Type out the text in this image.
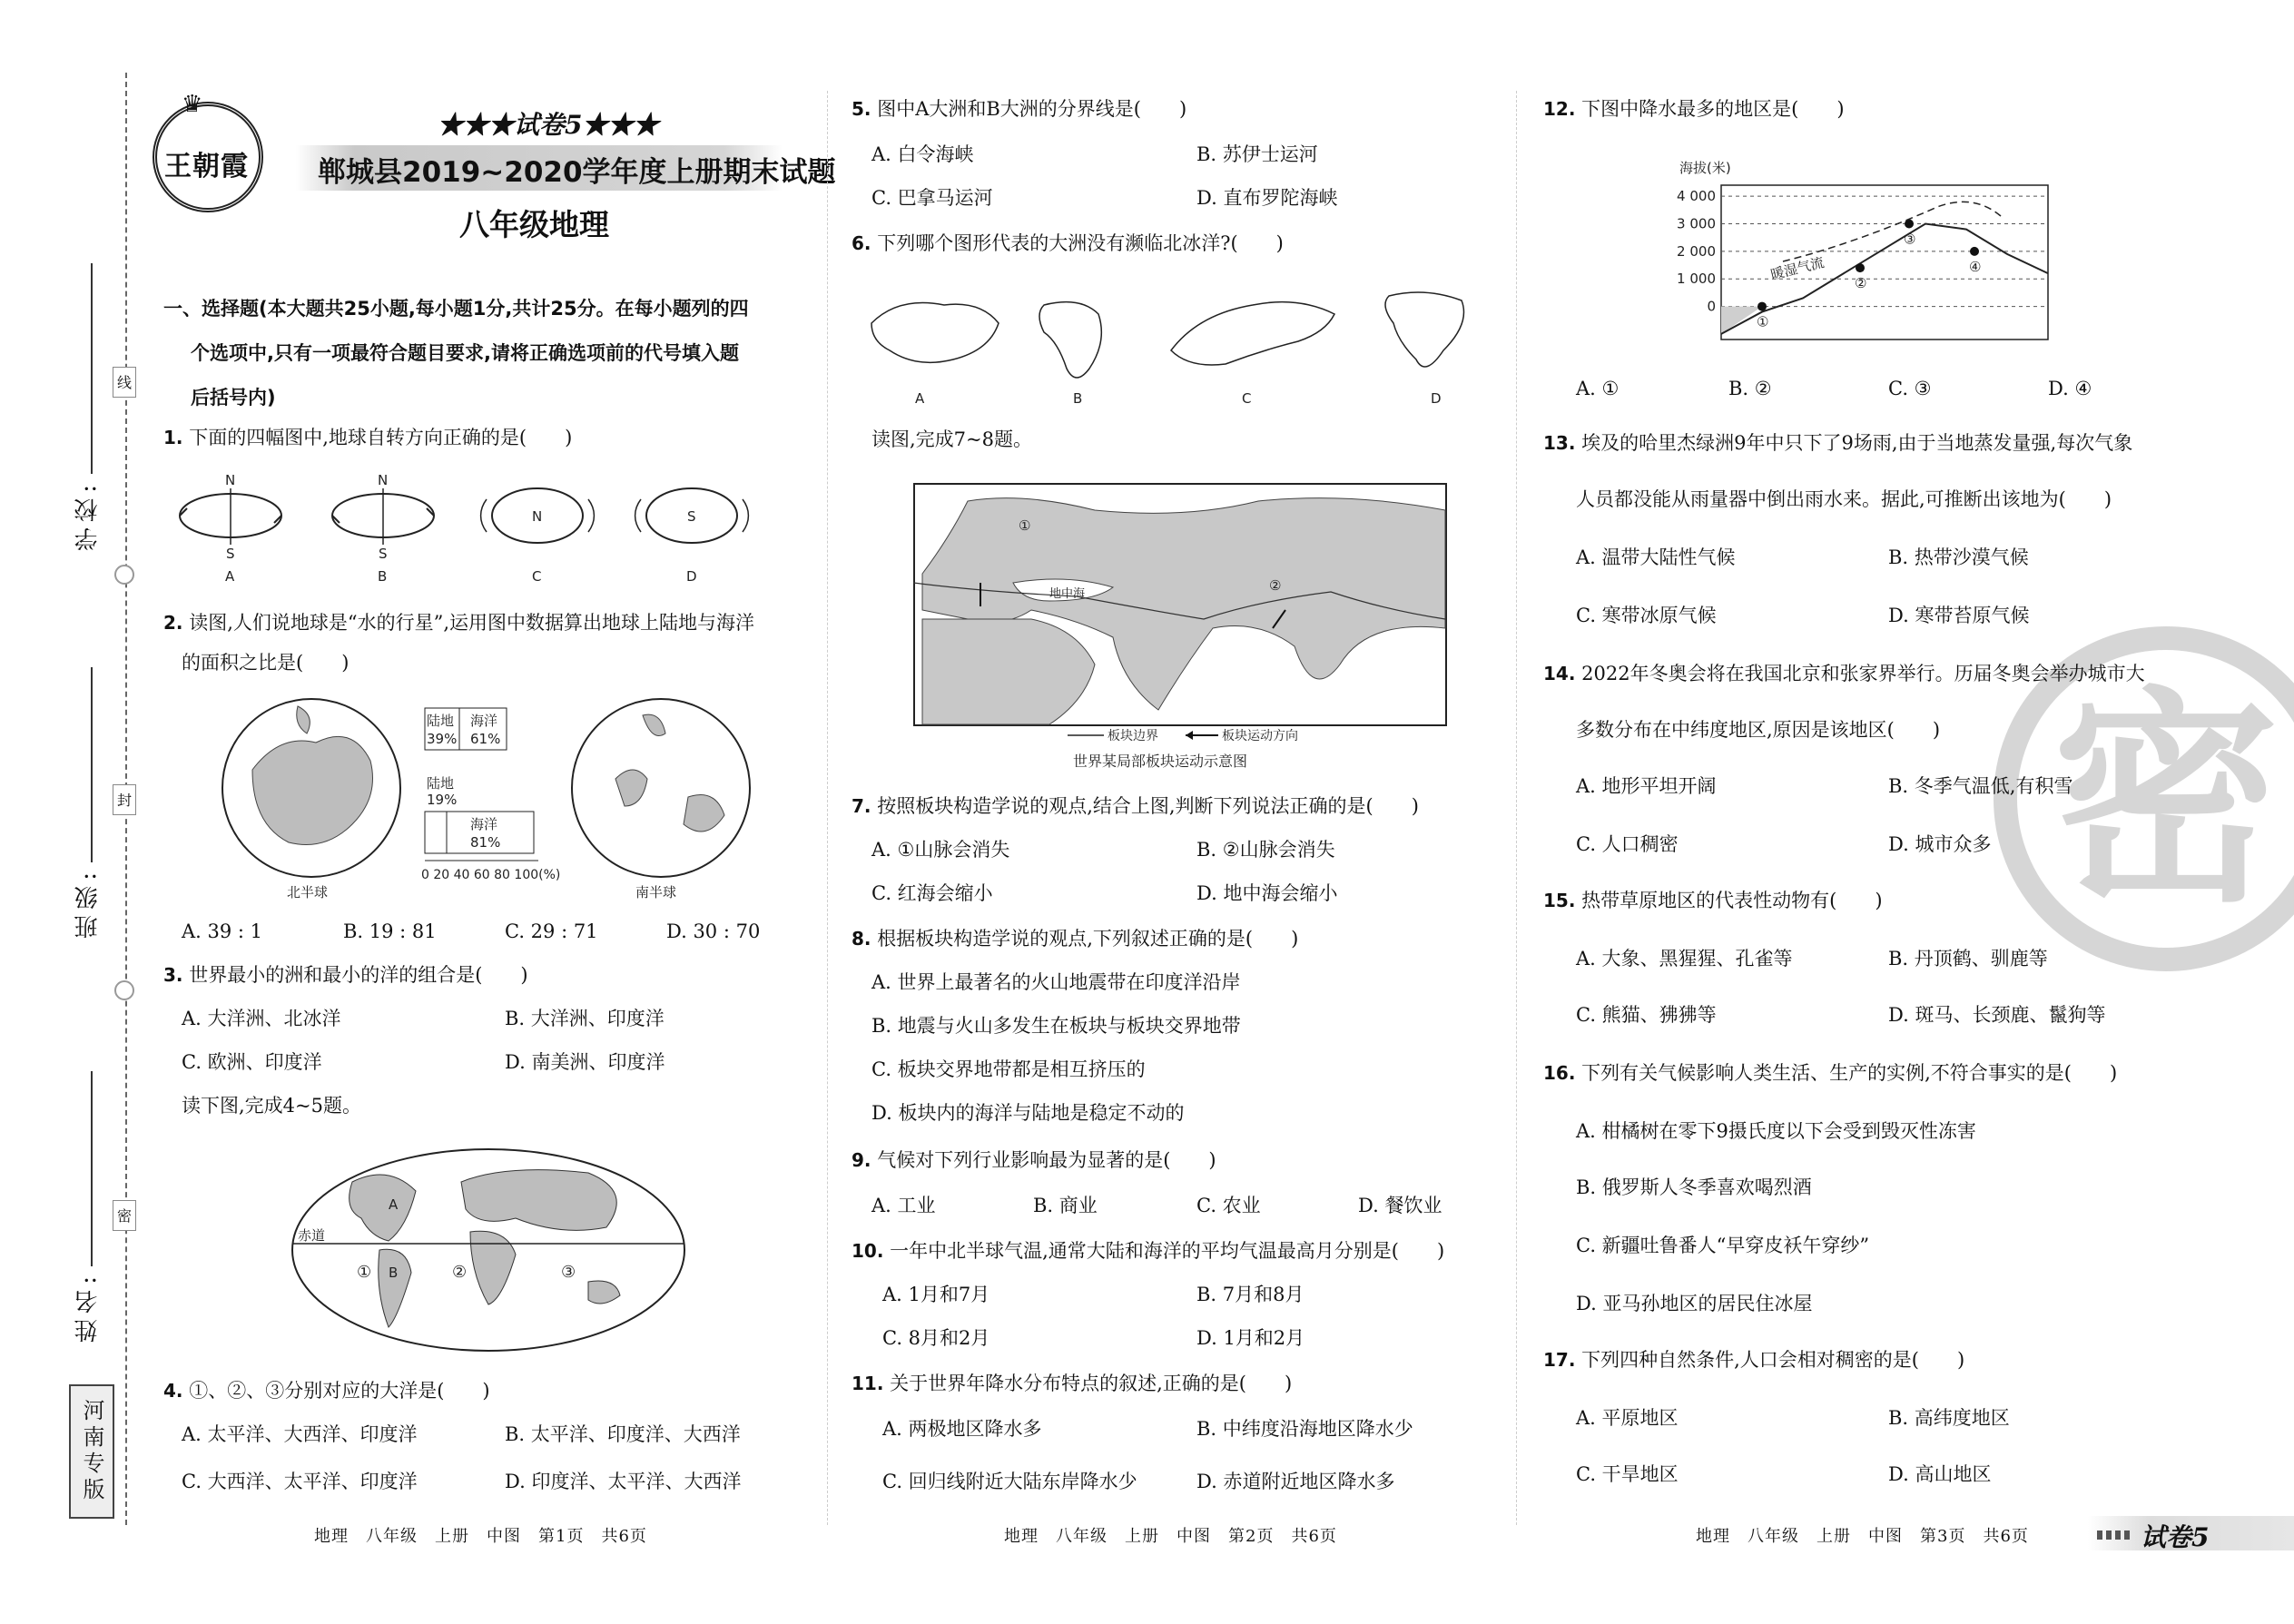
线
封
密
学校:
班级:
姓名:
河南专版
♛
王朝霞
★★★试卷5★★★
郸城县2019~2020学年度上册期末试题
八年级地理
一、选择题(本大题共25小题,每小题1分,共计25分。在每小题列的四
个选项中,只有一项最符合题目要求,请将正确选项前的代号填入题
后括号内)
1. 下面的四幅图中,地球自转方向正确的是(　　)
N
S
A
N
S
B
N
C
S
D
2. 读图,人们说地球是“水的行星”,运用图中数据算出地球上陆地与海洋
的面积之比是(　　)
北半球
陆地
39%
海洋
61%
陆地
19%
海洋
81%
0 20 40 60 80 100(%)
南半球
A. 39 : 1	B. 19 : 81	C. 29 : 71	D. 30 : 70
3. 世界最小的洲和最小的洋的组合是(　　)
A. 大洋洲、北冰洋	B. 大洋洲、印度洋
C. 欧洲、印度洋	D. 南美洲、印度洋
读下图,完成4~5题。
赤道
A
B
①	②	③
4. ①、②、③分别对应的大洋是(　　)
A. 太平洋、大西洋、印度洋	B. 太平洋、印度洋、大西洋
C. 大西洋、太平洋、印度洋	D. 印度洋、太平洋、大西洋
地理　八年级　上册　中图　第1页　共6页
5. 图中A大洲和B大洲的分界线是(　　)
A. 白令海峡	B. 苏伊士运河
C. 巴拿马运河	D. 直布罗陀海峡
6. 下列哪个图形代表的大洲没有濒临北冰洋?(　　)
A	B	C	D
读图,完成7~8题。
①
②
地中海
板块边界	板块运动方向
世界某局部板块运动示意图
7. 按照板块构造学说的观点,结合上图,判断下列说法正确的是(　　)
A. ①山脉会消失	B. ②山脉会消失
C. 红海会缩小	D. 地中海会缩小
8. 根据板块构造学说的观点,下列叙述正确的是(　　)
A. 世界上最著名的火山地震带在印度洋沿岸
B. 地震与火山多发生在板块与板块交界地带
C. 板块交界地带都是相互挤压的
D. 板块内的海洋与陆地是稳定不动的
9. 气候对下列行业影响最为显著的是(　　)
A. 工业	B. 商业	C. 农业	D. 餐饮业
10. 一年中北半球气温,通常大陆和海洋的平均气温最高月分别是(　　)
A. 1月和7月	B. 7月和8月
C. 8月和2月	D. 1月和2月
11. 关于世界年降水分布特点的叙述,正确的是(　　)
A. 两极地区降水多	B. 中纬度沿海地区降水少
C. 回归线附近大陆东岸降水少	D. 赤道附近地区降水多
地理　八年级　上册　中图　第2页　共6页
密
12. 下图中降水最多的地区是(　　)
海拔(米)
4 000
3 000
2 000
1 000
0
①
②
③
④
暖湿气流
A. ①	B. ②	C. ③	D. ④
13. 埃及的哈里杰绿洲9年中只下了9场雨,由于当地蒸发量强,每次气象
人员都没能从雨量器中倒出雨水来。据此,可推断出该地为(　　)
A. 温带大陆性气候	B. 热带沙漠气候
C. 寒带冰原气候	D. 寒带苔原气候
14. 2022年冬奥会将在我国北京和张家界举行。历届冬奥会举办城市大
多数分布在中纬度地区,原因是该地区(　　)
A. 地形平坦开阔	B. 冬季气温低,有积雪
C. 人口稠密	D. 城市众多
15. 热带草原地区的代表性动物有(　　)
A. 大象、黑猩猩、孔雀等	B. 丹顶鹤、驯鹿等
C. 熊猫、狒狒等	D. 斑马、长颈鹿、鬣狗等
16. 下列有关气候影响人类生活、生产的实例,不符合事实的是(　　)
A. 柑橘树在零下9摄氏度以下会受到毁灭性冻害
B. 俄罗斯人冬季喜欢喝烈酒
C. 新疆吐鲁番人“早穿皮袄午穿纱”
D. 亚马孙地区的居民住冰屋
17. 下列四种自然条件,人口会相对稠密的是(　　)
A. 平原地区	B. 高纬度地区
C. 干旱地区	D. 高山地区
地理　八年级　上册　中图　第3页　共6页	试卷5
